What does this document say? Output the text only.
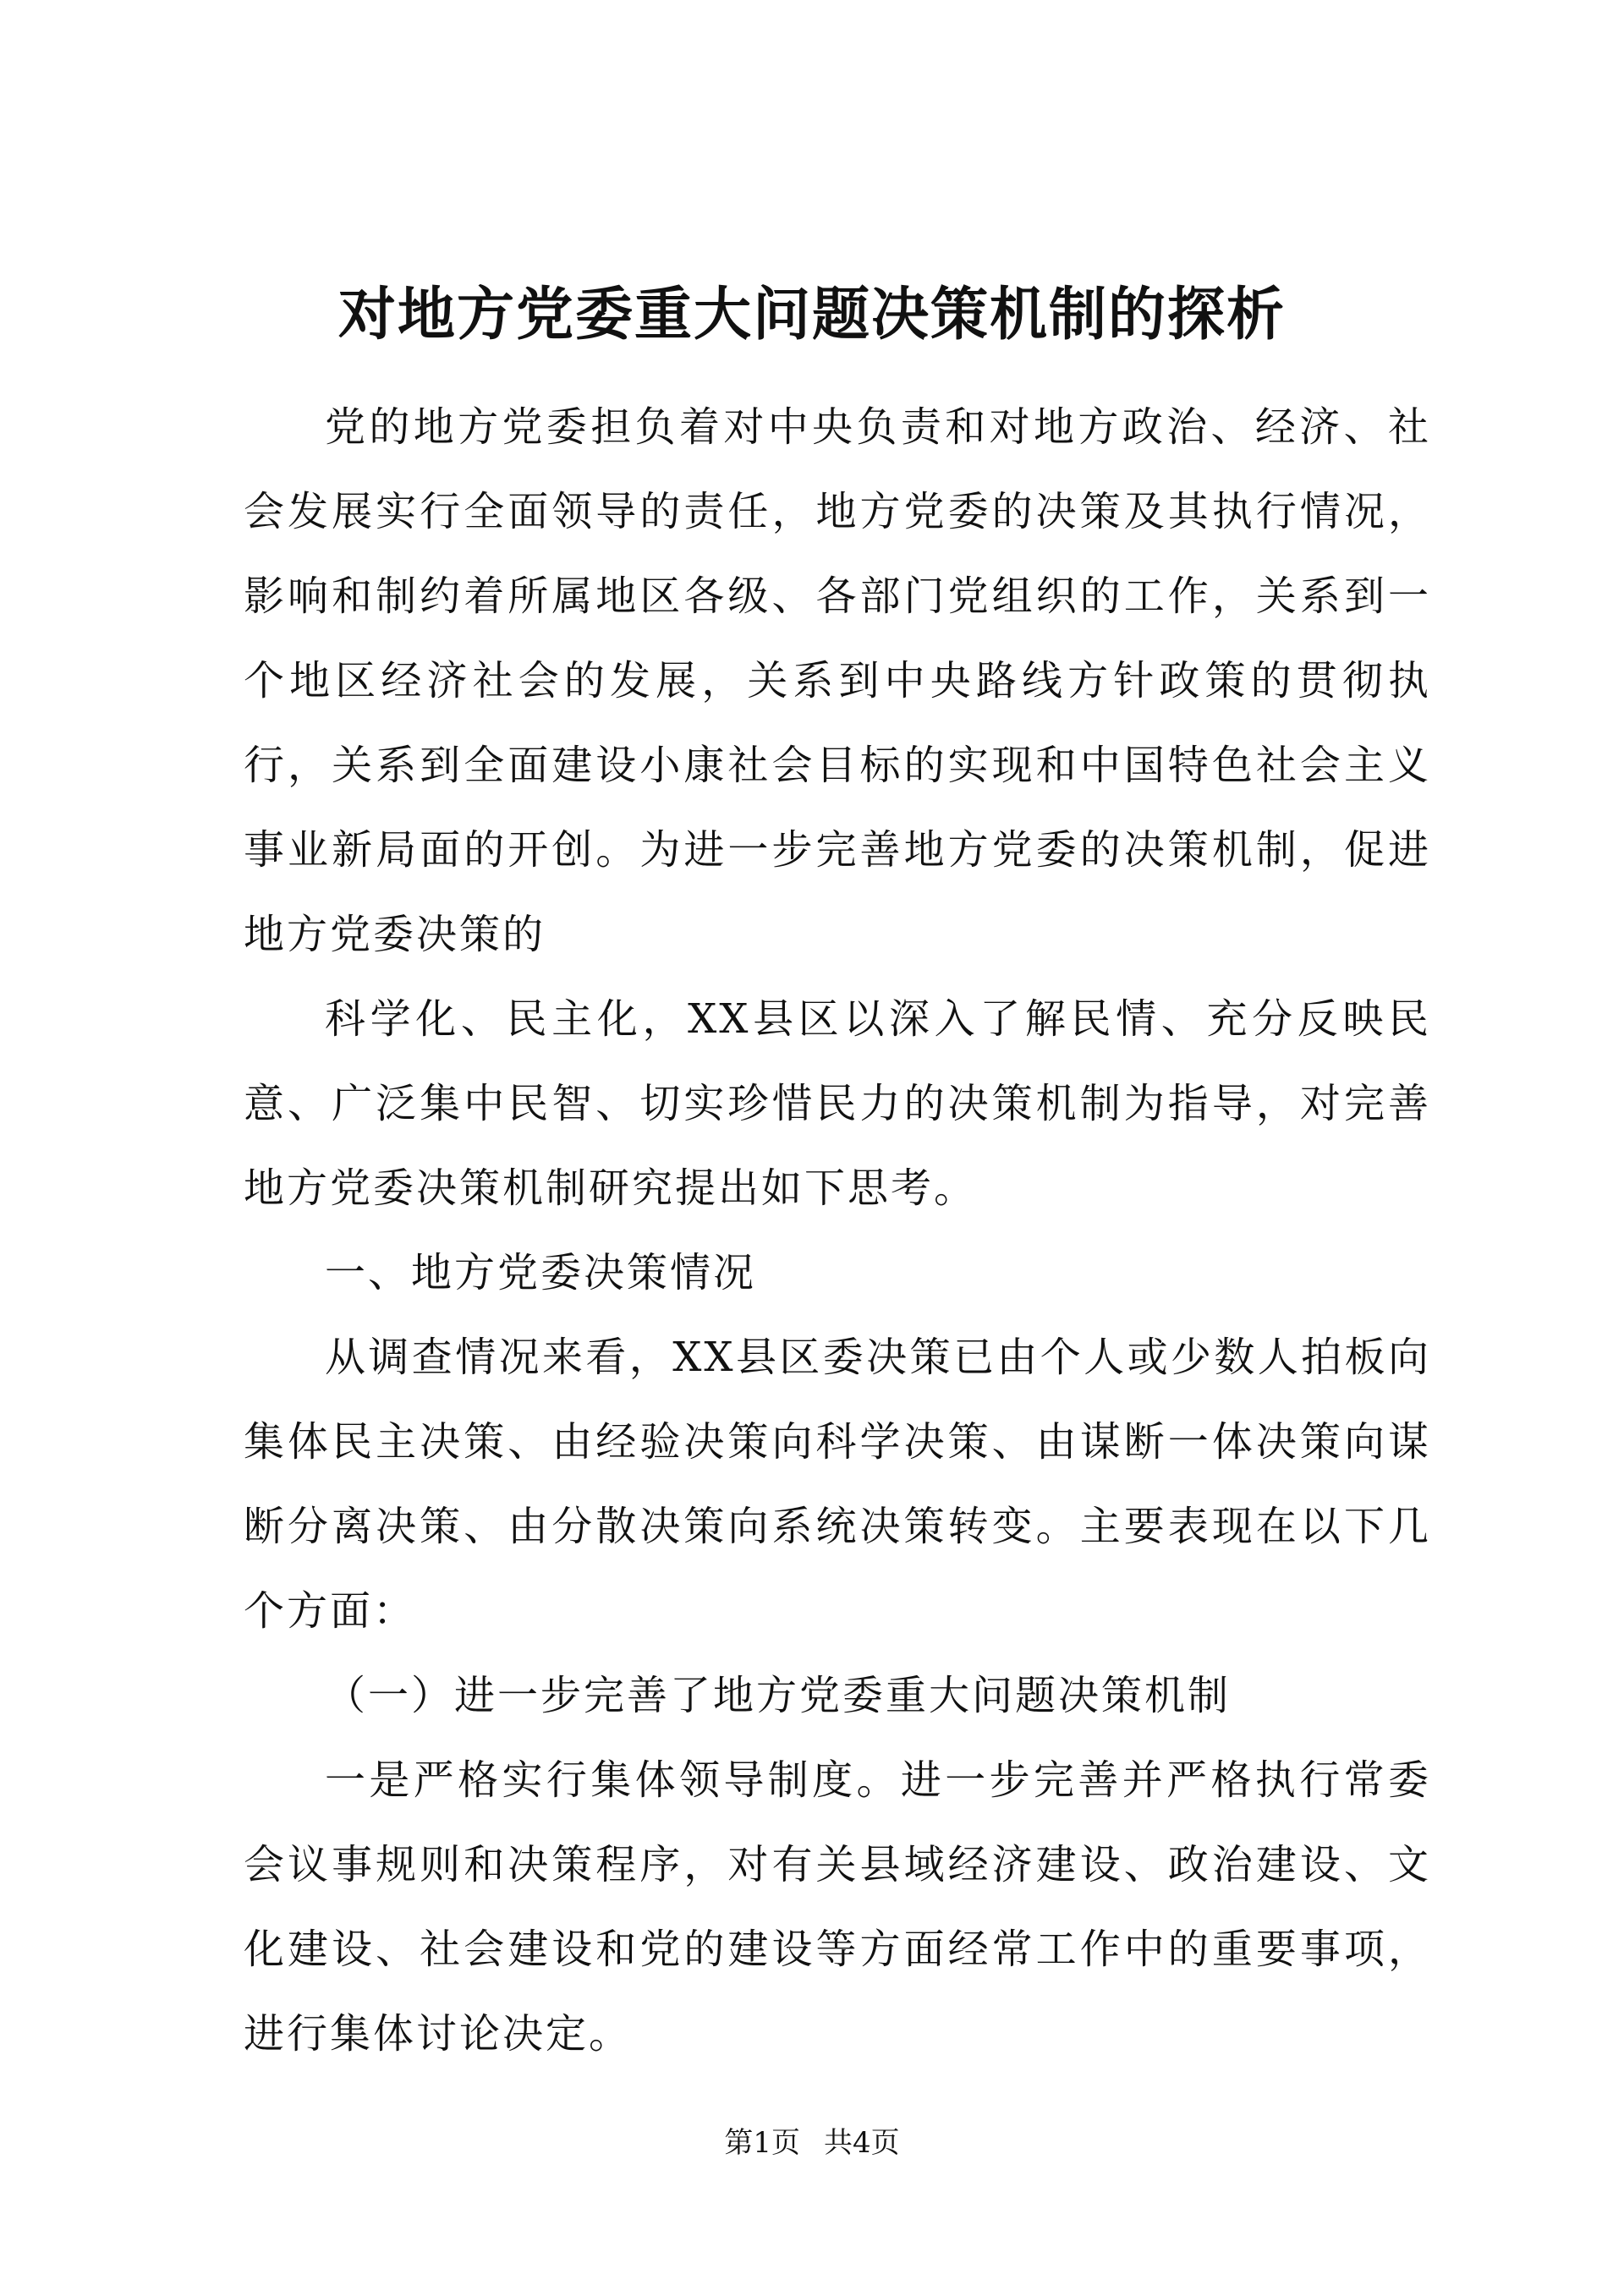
对地方党委重大问题决策机制的探析

党的地方党委担负着对中央负责和对地方政治、经济、社会发展实行全面领导的责任，地方党委的决策及其执行情况，影响和制约着所属地区各级、各部门党组织的工作，关系到一个地区经济社会的发展，关系到中央路线方针政策的贯彻执行，关系到全面建设小康社会目标的实现和中国特色社会主义事业新局面的开创。为进一步完善地方党委的决策机制，促进地方党委决策的

科学化、民主化，XX县区以深入了解民情、充分反映民意、广泛集中民智、切实珍惜民力的决策机制为指导，对完善地方党委决策机制研究提出如下思考。

一、地方党委决策情况

从调查情况来看，XX县区委决策已由个人或少数人拍板向集体民主决策、由经验决策向科学决策、由谋断一体决策向谋断分离决策、由分散决策向系统决策转变。主要表现在以下几个方面：

（一）进一步完善了地方党委重大问题决策机制

一是严格实行集体领导制度。进一步完善并严格执行常委会议事规则和决策程序，对有关县域经济建设、政治建设、文化建设、社会建设和党的建设等方面经常工作中的重要事项，进行集体讨论决定。

第1页 共4页
